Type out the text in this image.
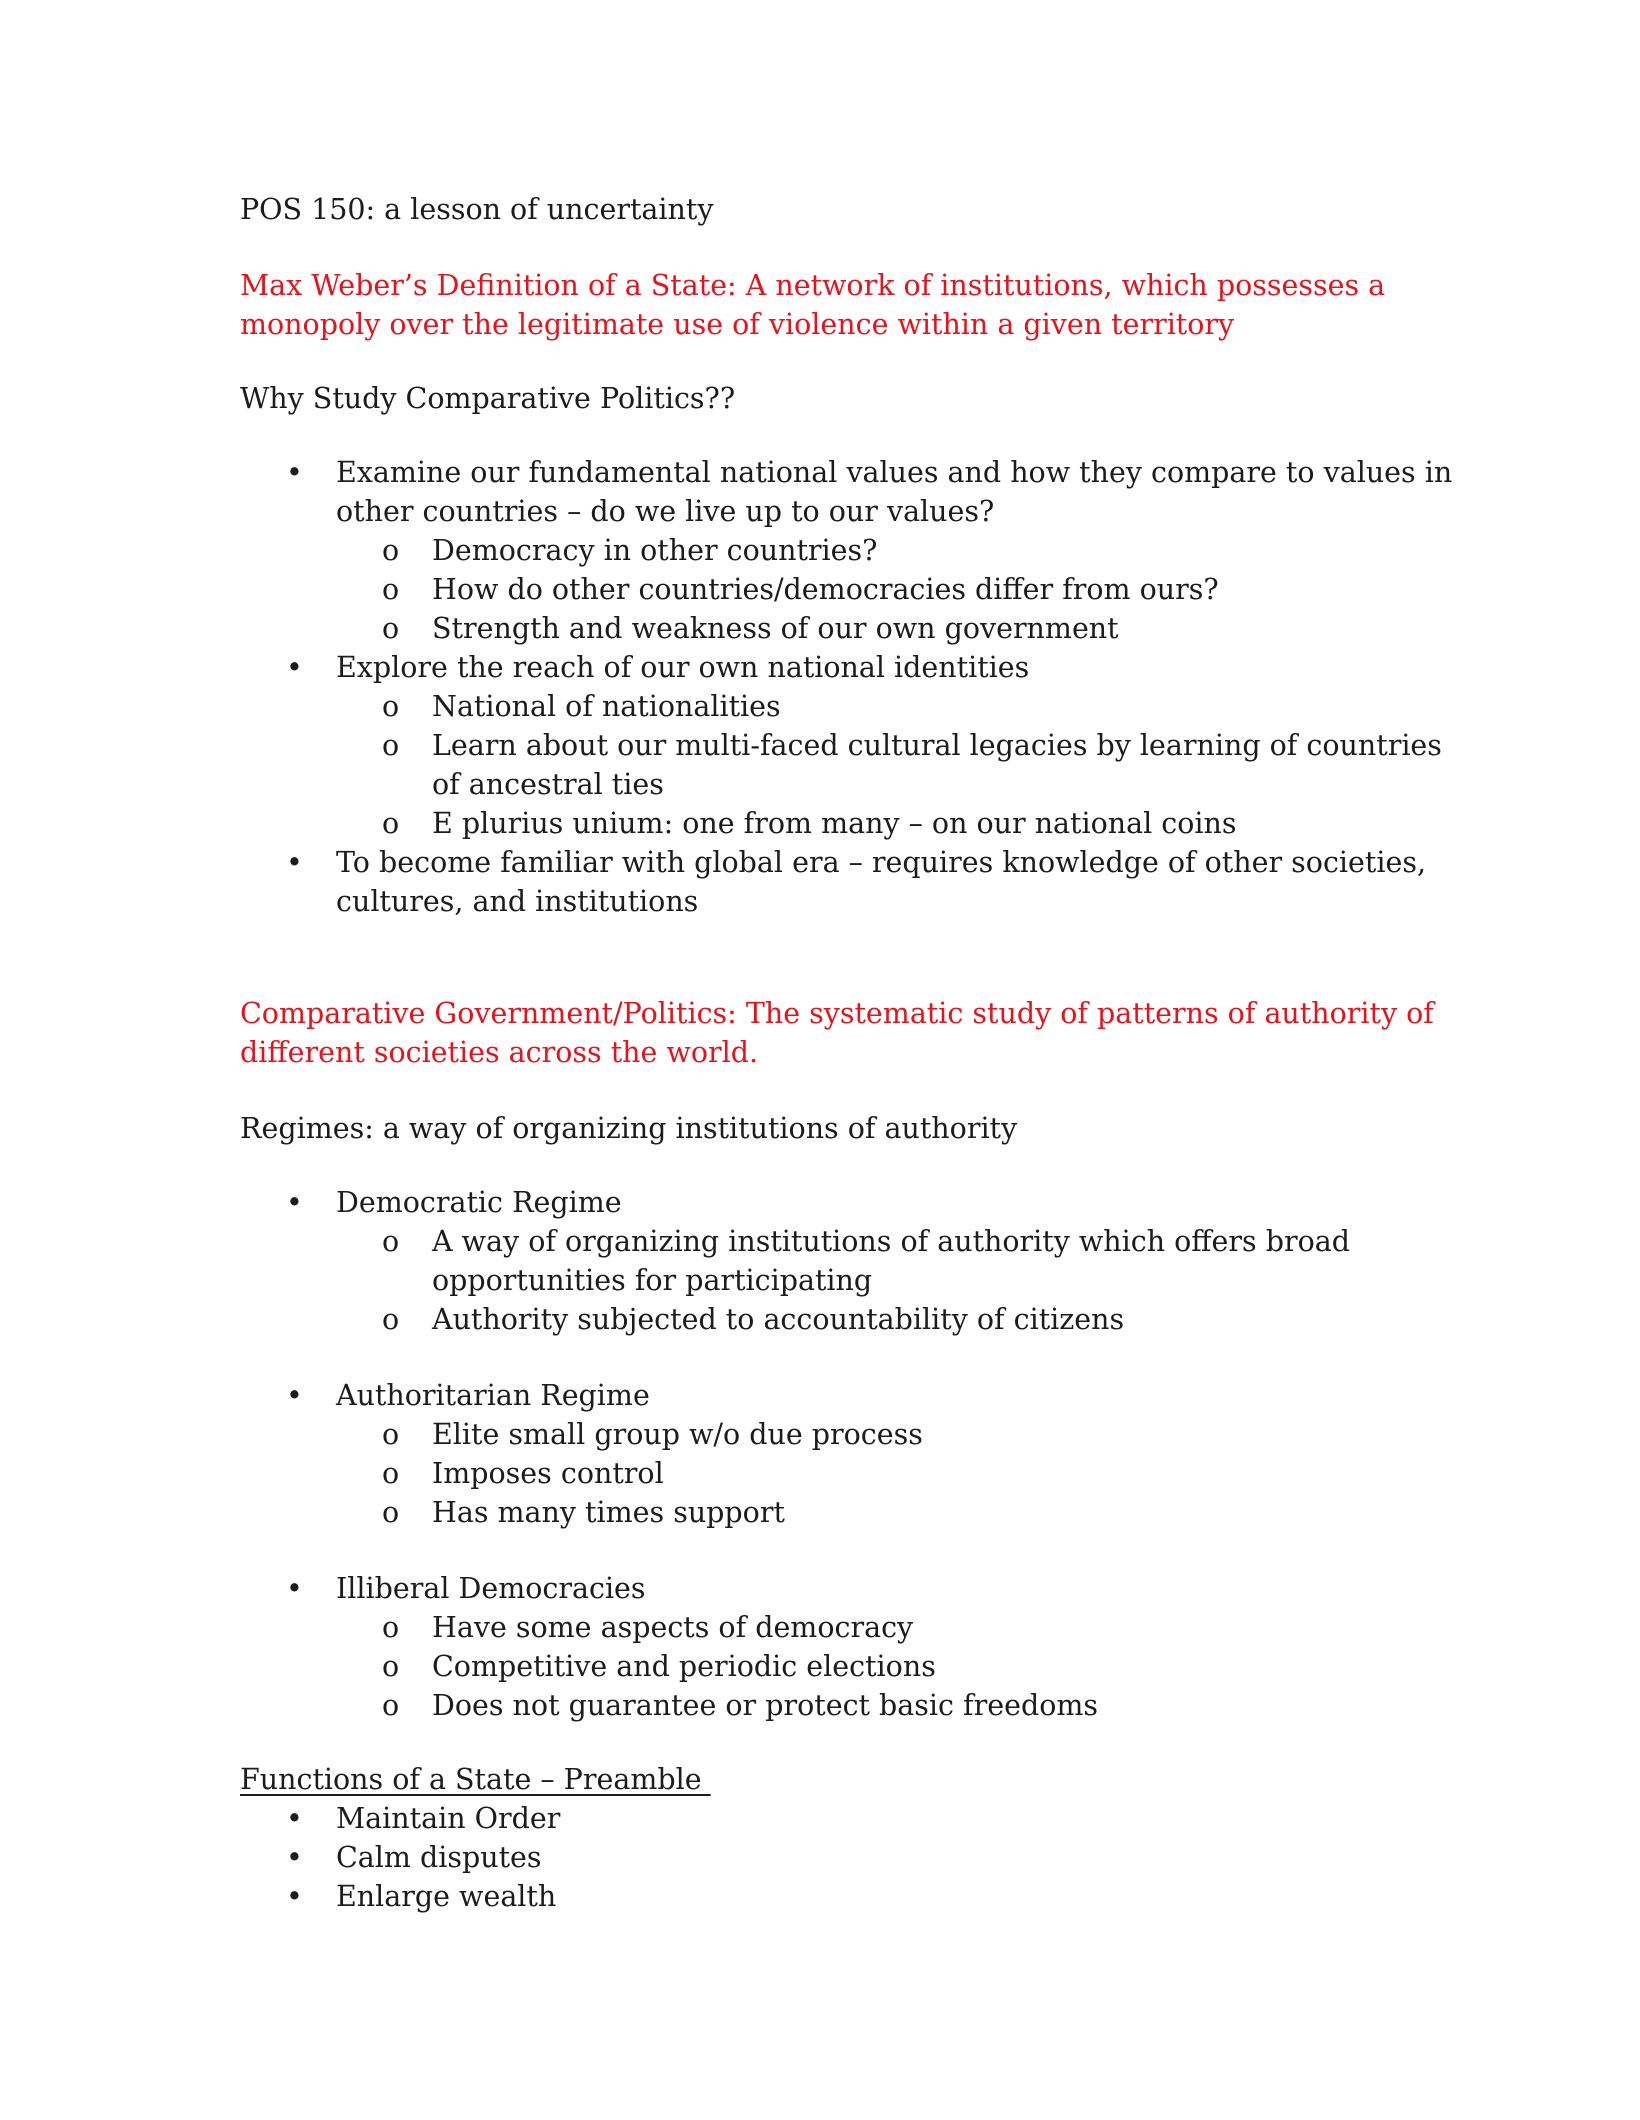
POS 150: a lesson of uncertainty

Max Weber’s Definition of a State: A network of institutions, which possesses a monopoly over the legitimate use of violence within a given territory

Why Study Comparative Politics??

• Examine our fundamental national values and how they compare to values in other countries – do we live up to our values?
o Democracy in other countries?
o How do other countries/democracies differ from ours?
o Strength and weakness of our own government
• Explore the reach of our own national identities
o National of nationalities
o Learn about our multi-faced cultural legacies by learning of countries of ancestral ties
o E plurius unium: one from many – on our national coins
• To become familiar with global era – requires knowledge of other societies, cultures, and institutions

Comparative Government/Politics: The systematic study of patterns of authority of different societies across the world.

Regimes: a way of organizing institutions of authority

• Democratic Regime
o A way of organizing institutions of authority which offers broad opportunities for participating
o Authority subjected to accountability of citizens
• Authoritarian Regime
o Elite small group w/o due process
o Imposes control
o Has many times support
• Illiberal Democracies
o Have some aspects of democracy
o Competitive and periodic elections
o Does not guarantee or protect basic freedoms

Functions of a State – Preamble

• Maintain Order
• Calm disputes
• Enlarge wealth
